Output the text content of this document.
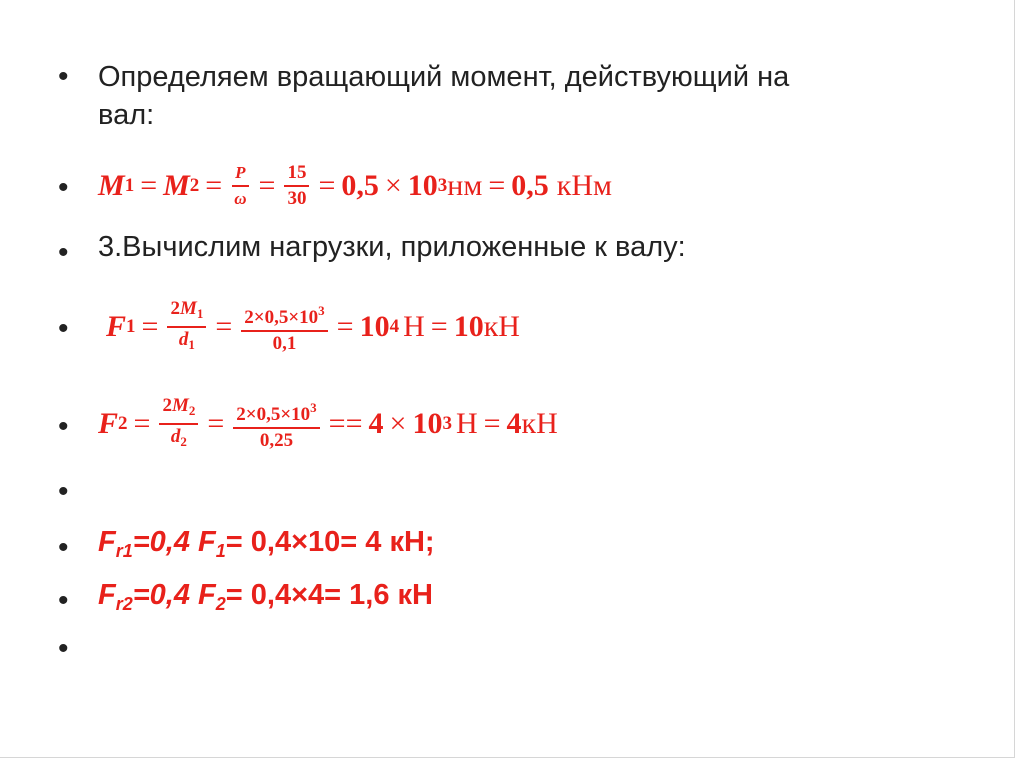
• Определяем вращающий момент, действующий на
вал:
• M 1 = M $2 = \frac{P}{\omega} = \frac{15}{30} = 0,5 \times 10$ 3 нм = 0,5 кНм
• 3.Вычислим нагрузки, приложенные к валу:
• F $1 = \frac{2M_1}{d_1} = \frac{2\times 0,5\times 10^3}{0,1} = 10$ 4 Н = 10 кН
• F $2 = \frac{2M_2}{d_2} = \frac{2\times 0,5\times 10^3}{0,25} == 4 \times 10$ 3 Н = 4 кН
•
• $F_{r1}=0,4$ $F_1= 0,4\times 10= 4$ кН;
• $F_{r2}=0,4$ $F_2= 0,4\times 4= 1,6$ кН
•
